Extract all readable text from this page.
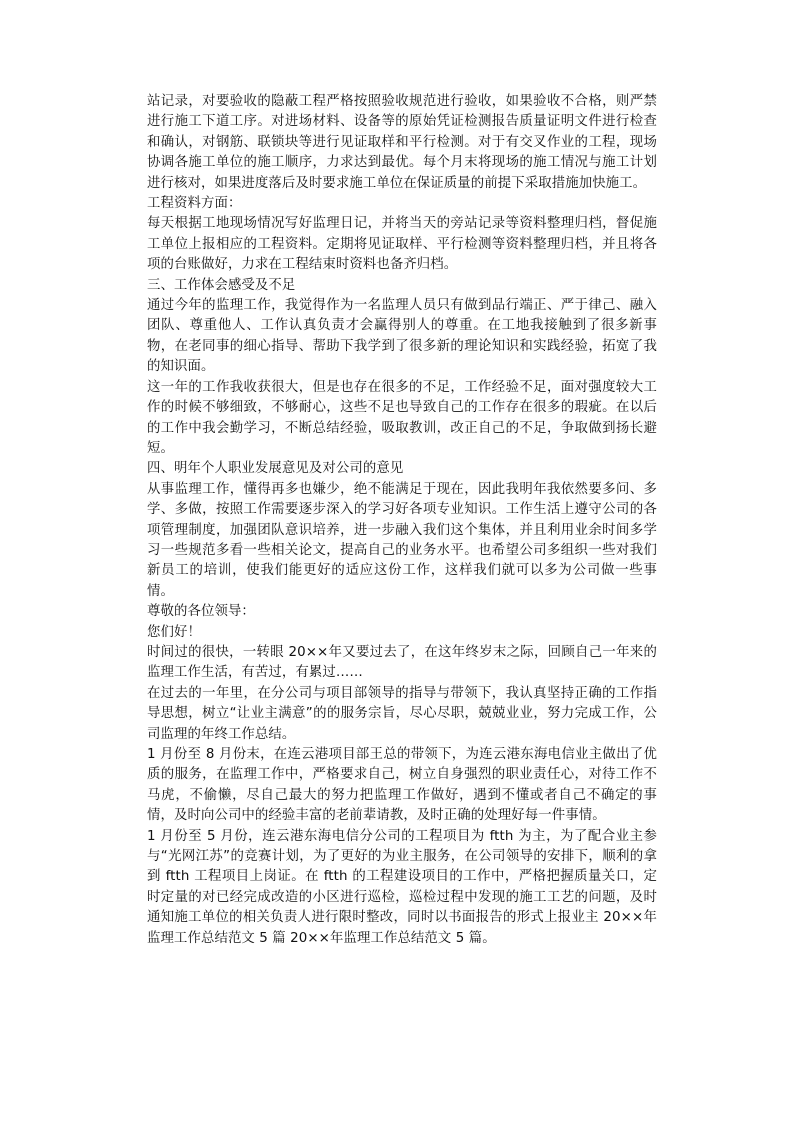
站记录，对要验收的隐蔽工程严格按照验收规范进行验收，如果验收不合格，则严禁进行施工下道工序。对进场材料、设备等的原始凭证检测报告质量证明文件进行检查和确认，对钢筋、联锁块等进行见证取样和平行检测。对于有交叉作业的工程，现场协调各施工单位的施工顺序，力求达到最优。每个月末将现场的施工情况与施工计划进行核对，如果进度落后及时要求施工单位在保证质量的前提下采取措施加快施工。

工程资料方面：

每天根据工地现场情况写好监理日记，并将当天的旁站记录等资料整理归档，督促施工单位上报相应的工程资料。定期将见证取样、平行检测等资料整理归档，并且将各项的台账做好，力求在工程结束时资料也备齐归档。

三、工作体会感受及不足

通过今年的监理工作，我觉得作为一名监理人员只有做到品行端正、严于律己、融入团队、尊重他人、工作认真负责才会赢得别人的尊重。在工地我接触到了很多新事物，在老同事的细心指导、帮助下我学到了很多新的理论知识和实践经验，拓宽了我的知识面。

这一年的工作我收获很大，但是也存在很多的不足，工作经验不足，面对强度较大工作的时候不够细致，不够耐心，这些不足也导致自己的工作存在很多的瑕疵。在以后的工作中我会勤学习，不断总结经验，吸取教训，改正自己的不足，争取做到扬长避短。

四、明年个人职业发展意见及对公司的意见

从事监理工作，懂得再多也嫌少，绝不能满足于现在，因此我明年我依然要多问、多学、多做，按照工作需要逐步深入的学习好各项专业知识。工作生活上遵守公司的各项管理制度，加强团队意识培养，进一步融入我们这个集体，并且利用业余时间多学习一些规范多看一些相关论文，提高自己的业务水平。也希望公司多组织一些对我们新员工的培训，使我们能更好的适应这份工作，这样我们就可以多为公司做一些事情。

尊敬的各位领导：

您们好！

时间过的很快，一转眼 20××年又要过去了，在这年终岁末之际，回顾自己一年来的监理工作生活，有苦过，有累过……

在过去的一年里，在分公司与项目部领导的指导与带领下，我认真坚持正确的工作指导思想，树立“让业主满意”的的服务宗旨，尽心尽职，兢兢业业，努力完成工作，公司监理的年终工作总结。

1 月份至 8 月份末，在连云港项目部王总的带领下，为连云港东海电信业主做出了优质的服务，在监理工作中，严格要求自己，树立自身强烈的职业责任心，对待工作不马虎，不偷懒，尽自己最大的努力把监理工作做好，遇到不懂或者自己不确定的事情，及时向公司中的经验丰富的老前辈请教，及时正确的处理好每一件事情。

1 月份至 5 月份，连云港东海电信分公司的工程项目为 ftth 为主，为了配合业主参与“光网江苏”的竞赛计划，为了更好的为业主服务，在公司领导的安排下，顺利的拿到 ftth 工程项目上岗证。在 ftth 的工程建设项目的工作中，严格把握质量关口，定时定量的对已经完成改造的小区进行巡检，巡检过程中发现的施工工艺的问题，及时通知施工单位的相关负责人进行限时整改，同时以书面报告的形式上报业主 20××年监理工作总结范文 5 篇 20××年监理工作总结范文 5 篇。
